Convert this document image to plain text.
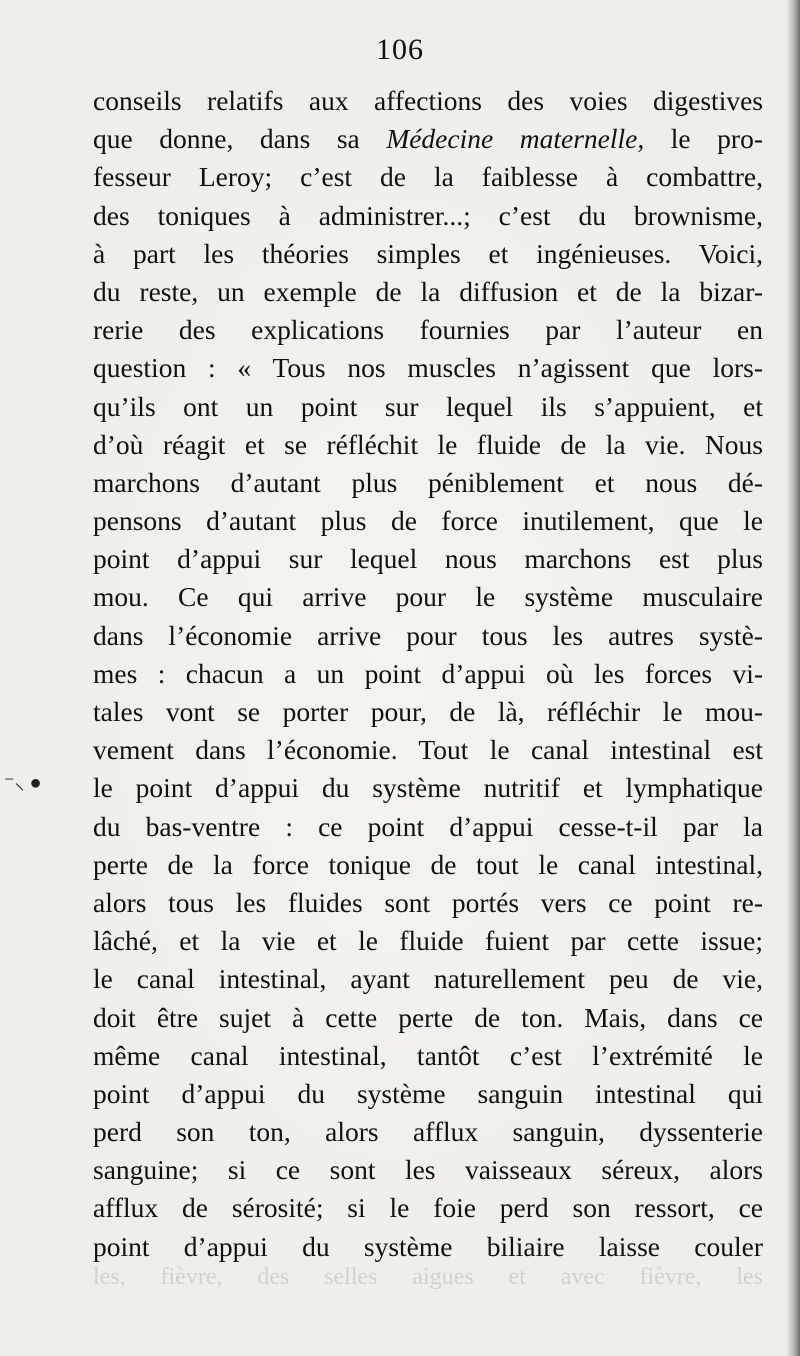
106
conseils relatifs aux affections des voies digestives
que donne, dans sa Médecine maternelle, le pro-
fesseur Leroy; c’est de la faiblesse à combattre,
des toniques à administrer...; c’est du brownisme,
à part les théories simples et ingénieuses. Voici,
du reste, un exemple de la diffusion et de la bizar-
rerie des explications fournies par l’auteur en
question : « Tous nos muscles n’agissent que lors-
qu’ils ont un point sur lequel ils s’appuient, et
d’où réagit et se réfléchit le fluide de la vie. Nous
marchons d’autant plus péniblement et nous dé-
pensons d’autant plus de force inutilement, que le
point d’appui sur lequel nous marchons est plus
mou. Ce qui arrive pour le système musculaire
dans l’économie arrive pour tous les autres systè-
mes : chacun a un point d’appui où les forces vi-
tales vont se porter pour, de là, réfléchir le mou-
vement dans l’économie. Tout le canal intestinal est
le point d’appui du système nutritif et lymphatique
du bas-ventre : ce point d’appui cesse-t-il par la
perte de la force tonique de tout le canal intestinal,
alors tous les fluides sont portés vers ce point re-
lâché, et la vie et le fluide fuient par cette issue;
le canal intestinal, ayant naturellement peu de vie,
doit être sujet à cette perte de ton. Mais, dans ce
même canal intestinal, tantôt c’est l’extrémité le
point d’appui du système sanguin intestinal qui
perd son ton, alors afflux sanguin, dyssenterie
sanguine; si ce sont les vaisseaux séreux, alors
afflux de sérosité; si le foie perd son ressort, ce
point d’appui du système biliaire laisse couler
les, fièvre, des selles aigues et avec fièvre, les
⁻⸜ ●
